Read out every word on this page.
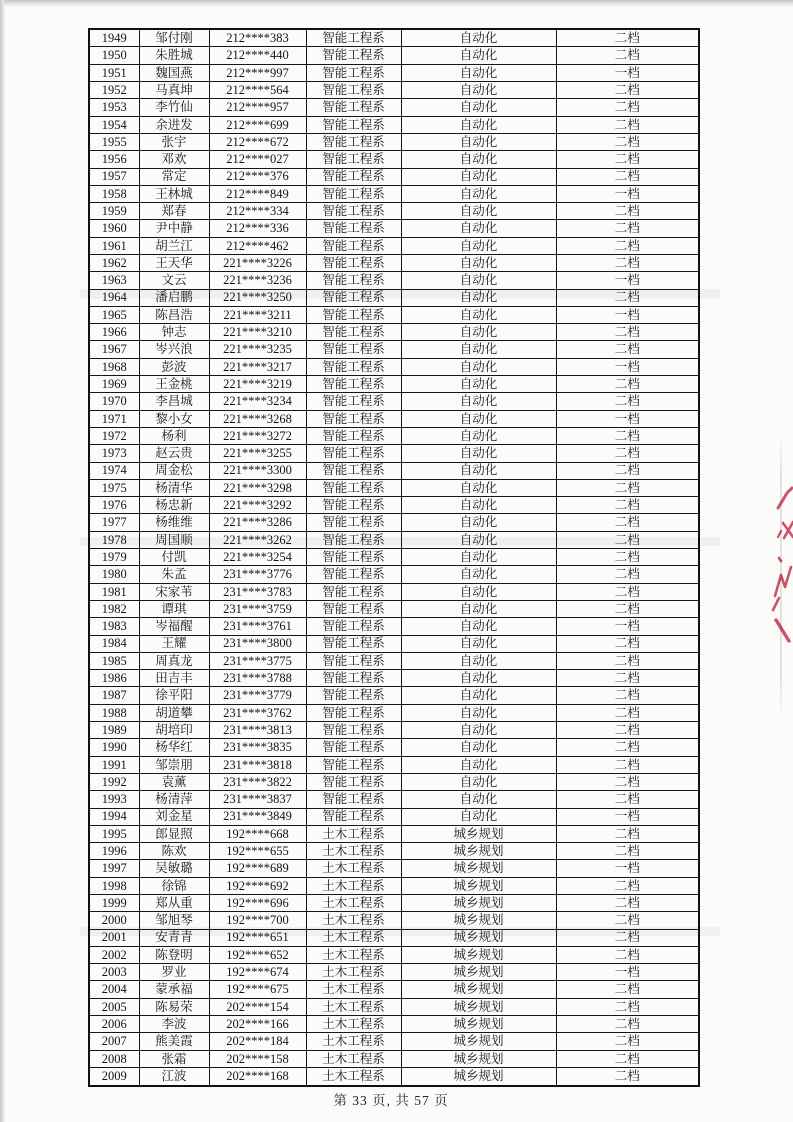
1949	邹付刚	212****383	智能工程系	自动化	二档
1950	朱胜城	212****440	智能工程系	自动化	二档
1951	魏国燕	212****997	智能工程系	自动化	一档
1952	马真坤	212****564	智能工程系	自动化	二档
1953	李竹仙	212****957	智能工程系	自动化	二档
1954	余进发	212****699	智能工程系	自动化	二档
1955	张宇	212****672	智能工程系	自动化	二档
1956	邓欢	212****027	智能工程系	自动化	二档
1957	常定	212****376	智能工程系	自动化	二档
1958	王林城	212****849	智能工程系	自动化	一档
1959	郑春	212****334	智能工程系	自动化	二档
1960	尹中静	212****336	智能工程系	自动化	二档
1961	胡兰江	212****462	智能工程系	自动化	二档
1962	王天华	221****3226	智能工程系	自动化	二档
1963	文云	221****3236	智能工程系	自动化	一档
1964	潘启鹏	221****3250	智能工程系	自动化	二档
1965	陈昌浩	221****3211	智能工程系	自动化	一档
1966	钟志	221****3210	智能工程系	自动化	二档
1967	岑兴浪	221****3235	智能工程系	自动化	二档
1968	彭波	221****3217	智能工程系	自动化	一档
1969	王金桃	221****3219	智能工程系	自动化	二档
1970	李昌城	221****3234	智能工程系	自动化	二档
1971	黎小女	221****3268	智能工程系	自动化	一档
1972	杨利	221****3272	智能工程系	自动化	二档
1973	赵云贵	221****3255	智能工程系	自动化	二档
1974	周金松	221****3300	智能工程系	自动化	二档
1975	杨清华	221****3298	智能工程系	自动化	二档
1976	杨忠新	221****3292	智能工程系	自动化	二档
1977	杨维维	221****3286	智能工程系	自动化	二档
1978	周国顺	221****3262	智能工程系	自动化	二档
1979	付凯	221****3254	智能工程系	自动化	二档
1980	朱孟	231****3776	智能工程系	自动化	二档
1981	宋家苇	231****3783	智能工程系	自动化	二档
1982	谭琪	231****3759	智能工程系	自动化	二档
1983	岑福醒	231****3761	智能工程系	自动化	一档
1984	王耀	231****3800	智能工程系	自动化	二档
1985	周真龙	231****3775	智能工程系	自动化	二档
1986	田吉丰	231****3788	智能工程系	自动化	二档
1987	徐平阳	231****3779	智能工程系	自动化	二档
1988	胡道攀	231****3762	智能工程系	自动化	二档
1989	胡培印	231****3813	智能工程系	自动化	二档
1990	杨华红	231****3835	智能工程系	自动化	二档
1991	邹崇朋	231****3818	智能工程系	自动化	二档
1992	袁薰	231****3822	智能工程系	自动化	二档
1993	杨清萍	231****3837	智能工程系	自动化	二档
1994	刘金星	231****3849	智能工程系	自动化	一档
1995	郎显照	192****668	土木工程系	城乡规划	二档
1996	陈欢	192****655	土木工程系	城乡规划	二档
1997	吴敏璐	192****689	土木工程系	城乡规划	一档
1998	徐锦	192****692	土木工程系	城乡规划	二档
1999	郑从重	192****696	土木工程系	城乡规划	二档
2000	邹旭琴	192****700	土木工程系	城乡规划	二档
2001	安青青	192****651	土木工程系	城乡规划	二档
2002	陈登明	192****652	土木工程系	城乡规划	二档
2003	罗业	192****674	土木工程系	城乡规划	一档
2004	蒙承福	192****675	土木工程系	城乡规划	二档
2005	陈易荣	202****154	土木工程系	城乡规划	二档
2006	李波	202****166	土木工程系	城乡规划	二档
2007	熊美霞	202****184	土木工程系	城乡规划	二档
2008	张霜	202****158	土木工程系	城乡规划	二档
2009	江波	202****168	土木工程系	城乡规划	二档
第 33 页, 共 57 页
